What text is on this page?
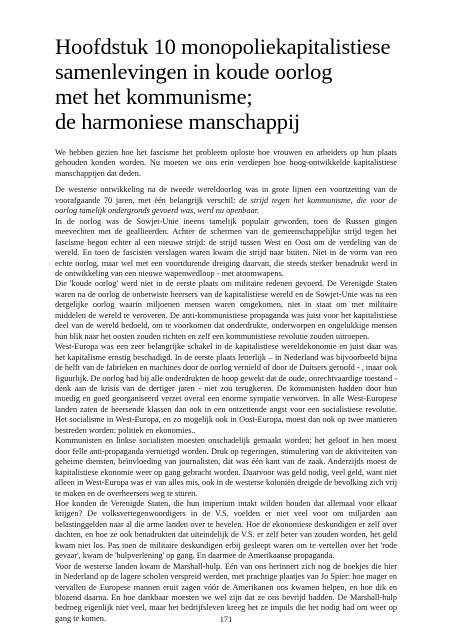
Hoofdstuk 10 monopoliekapitalistiese
samenlevingen in koude oorlog
met het kommunisme;
de harmoniese manschappij

We hebben gezien hoe het fascisme het probleem oploste hoe vrouwen en arbeiders op hun plaats gehouden konden worden. Nu moeten we ons erin verdiepen hoe hoog-ontwikkelde kapitalistiese manschappijen dat deden.

De westerse ontwikkeling na de tweede wereldoorlog was in grote lijnen een voortzetting van de voorafgaande 70 jaren, met één belangrijk verschil: de strijd tegen het kommunisme, die voor de oorlog tamelijk ondergronds gevoerd was, werd nu openbaar.

In de oorlog was de Sowjet-Unie ineens tamelijk populair geworden, toen de Russen gingen meevechten met de geallieerden. Achter de schermen van de gemeenschappelijke strijd tegen het fascisme begon echter al een nieuwe strijd: de strijd tussen West en Oost om de verdeling van de wereld. En toen de fascisten verslagen waren kwam die strijd naar buiten. Niet in de vorm van een echte oorlog, maar wel met een voortdurende dreiging daarvan, die steeds sterker benadrukt werd in de ontwikkeling van een nieuwe wapenwedloop - met atoomwapens.

Die 'koude oorlog' werd niet in de eerste plaats om militaire redenen gevoerd. De Verenigde Staten waren na de oorlog de onbetwiste heersers van de kapitalistiese wereld en de Sowjet-Unie was na een dergelijke oorlog waarin miljoenen mensen waren omgekomen, niet in staat om met militaire middelen de wereld te veroveren. De anti-kommunistiese propaganda was juist voor het kapitalistiese deel van de wereld bedoeld, om te voorkomen dat onderdrukte, onderworpen en ongelukkige mensen hun blik naar het oosten zouden richten en zelf een kommunistiese revolutie zouden uitroepen.

West-Europa was een zeer belangrijke schakel in de kapitalistiese wereldekonomie en juist daar was het kapitalisme ernstig beschadigd. In de eerste plaats letterlijk – in Nederland was bijvoorbeeld bijna de helft van de fabrieken en machines door de oorlog vernield of door de Duitsers geroofd - , maar ook figuurlijk. De oorlog had bij alle onderdrukten de hoop gewekt dat de oude, onrechtvaardige toestand - denk aan de krisis van de dertiger jaren - niet zou terugkeren. De kommunisten hadden door hun moedig en goed georganiseerd verzet overal een enorme sympatie verworven. In alle West-Europese landen zaten de heersende klassen dan ook in een ontzettende angst voor een socialistiese revolutie. Het socialisme in West-Europa, en zo mogelijk ook in Oost-Europa, moest dan ook op twee manieren bestreden worden: politiek en ekonomies..

Kommunisten en linkse socialisten moesten onschadelijk gemaakt worden; het geloof in hen moest door felle anti-propaganda vernietigd worden. Druk op regeringen, stimulering van de aktiviteiten van geheime diensten, beïnvloeding van journalisten, dat was één kant van de zaak. Anderzijds moest de kapitalistiese ekonomie weer op gang gebracht worden. Daarvoor was geld nodig, veel geld, want niet alleen in West-Europa was er van alles mis, ook in de westerse koloniën dreigde de bevolking zich vrij te maken en de overheersers weg te sturen.

Hoe konden de Verenigde Staten, die hun imperium intakt wilden houden dat allemaal voor elkaar krijgen? De volksvertegenwoordigers in de V.S. voelden er niet veel voor om miljarden aan belastinggelden naar al die arme landen over te hevelen. Hoe de ekonomiese deskundigen er zelf over dachten, en hoe ze ook benadrukten dat uiteindelijk de V.S. er zelf beter van zouden worden, het geld kwam niet los. Pas toen de militaire deskundigen erbij gesleept waren om te vertellen over het 'rode gevaar', kwam de 'hulpverlening' op gang. En daarmee de Amerikaanse propaganda.

Voor de westerse landen kwam de Marshall-hulp. Eén van ons herinnert zich nog de boekjes die hier in Nederland op de lagere scholen verspreid werden, met prachtige plaatjes van Jo Spier: hoe mager en vervallen de Europese mannen eruit zagen vóór de Amerikanen ons kwamen helpen, en hoe dik en blozend daarna. En hoe dankbaar moesten we wel zijn dat ze ons bevrijd hadden. De Marshall-hulp bedroeg eigenlijk niet veel, maar het bedrijfsleven kreeg het ze impuls die het nodig had om weer op gang te komen.	171
